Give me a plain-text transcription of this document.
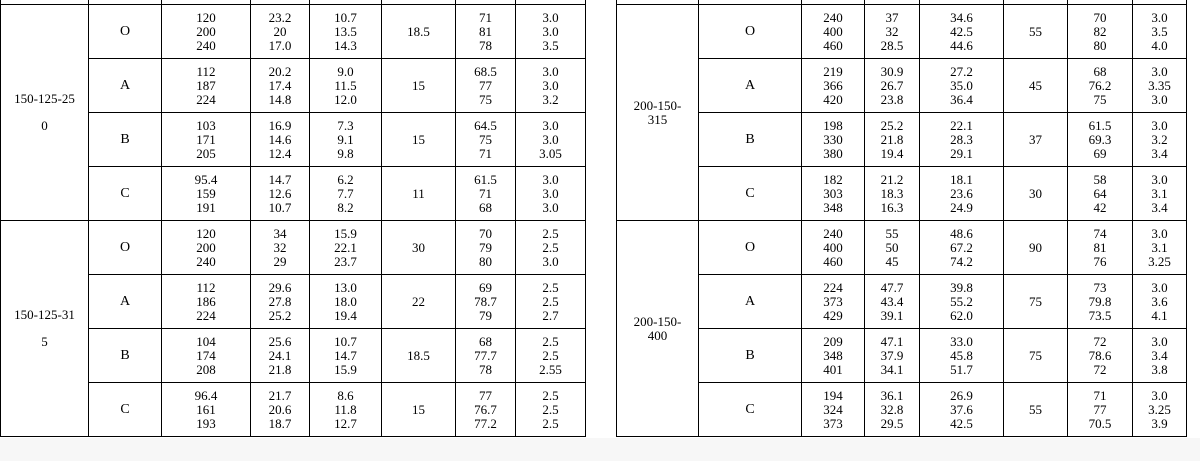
150-125-25
0	O	120
200
240	23.2
20
17.0	10.7
13.5
14.3	18.5	71
81
78	3.0
3.0
3.5

	A	112
187
224	20.2
17.4
14.8	9.0
11.5
12.0	15	68.5
77
75	3.0
3.0
3.2

	B	103
171
205	16.9
14.6
12.4	7.3
9.1
9.8	15	64.5
75
71	3.0
3.0
3.05

	C	95.4
159
191	14.7
12.6
10.7	6.2
7.7
8.2	11	61.5
71
68	3.0
3.0
3.0

150-125-31
5	O	120
200
240	34
32
29	15.9
22.1
23.7	30	70
79
80	2.5
2.5
3.0

	A	112
186
224	29.6
27.8
25.2	13.0
18.0
19.4	22	69
78.7
79	2.5
2.5
2.7

	B	104
174
208	25.6
24.1
21.8	10.7
14.7
15.9	18.5	68
77.7
78	2.5
2.5
2.55

	C	96.4
161
193	21.7
20.6
18.7	8.6
11.8
12.7	15	77
76.7
77.2	2.5
2.5
2.5

200-150-
315	O	240
400
460	37
32
28.5	34.6
42.5
44.6	55	70
82
80	3.0
3.5
4.0

	A	219
366
420	30.9
26.7
23.8	27.2
35.0
36.4	45	68
76.2
75	3.0
3.35
3.0

	B	198
330
380	25.2
21.8
19.4	22.1
28.3
29.1	37	61.5
69.3
69	3.0
3.2
3.4

	C	182
303
348	21.2
18.3
16.3	18.1
23.6
24.9	30	58
64
42	3.0
3.1
3.4

200-150-
400	O	240
400
460	55
50
45	48.6
67.2
74.2	90	74
81
76	3.0
3.1
3.25

	A	224
373
429	47.7
43.4
39.1	39.8
55.2
62.0	75	73
79.8
73.5	3.0
3.6
4.1

	B	209
348
401	47.1
37.9
34.1	33.0
45.8
51.7	75	72
78.6
72	3.0
3.4
3.8

	C	194
324
373	36.1
32.8
29.5	26.9
37.6
42.5	55	71
77
70.5	3.0
3.25
3.9
